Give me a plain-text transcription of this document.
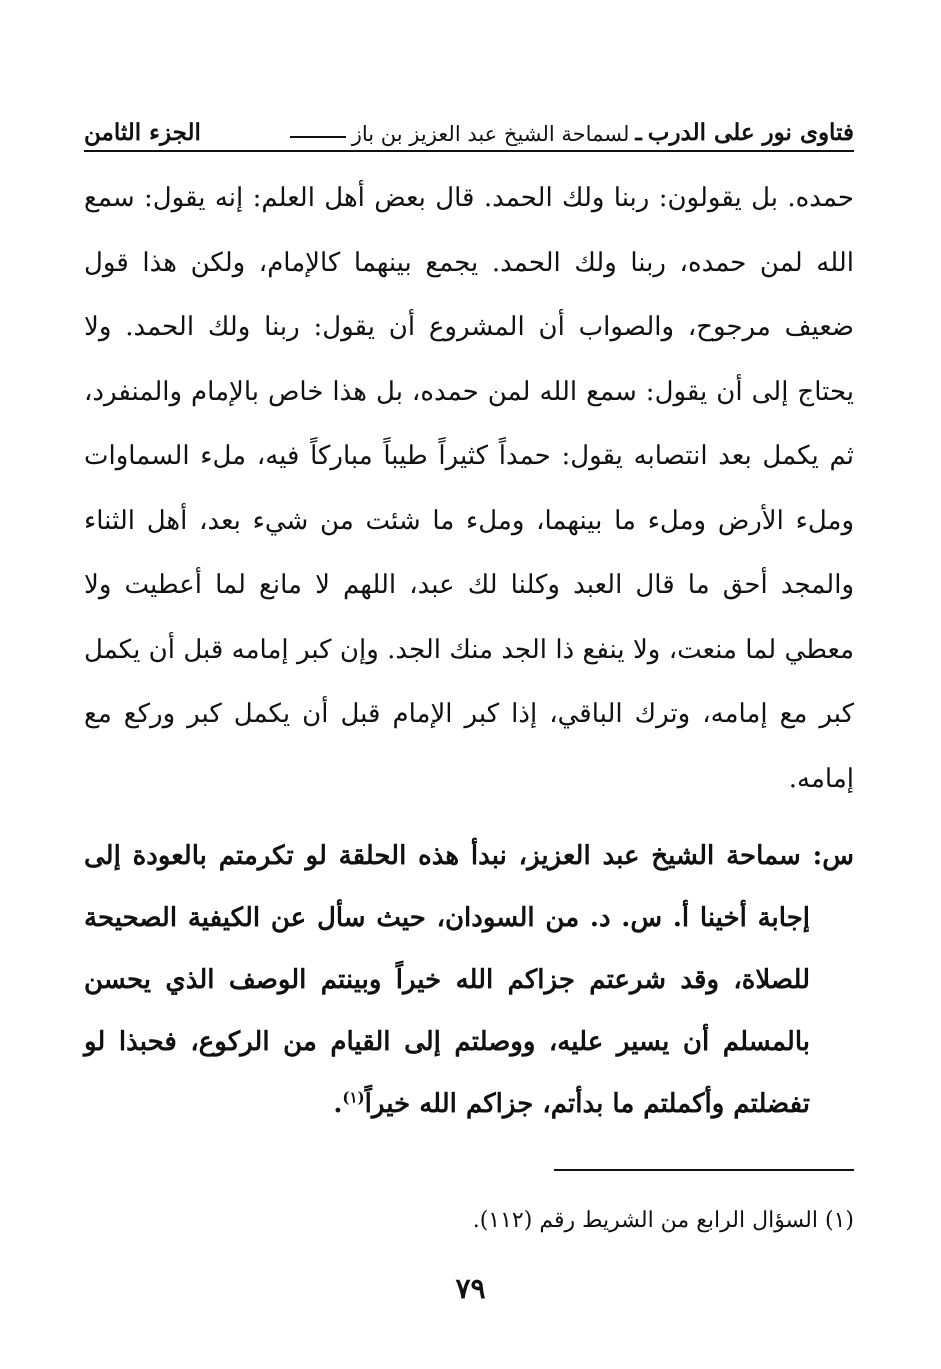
فتاوى نور على الدرب
ـ
لسماحة الشيخ عبد العزيز بن باز
الجزء الثامن

حمده. بل يقولون: ربنا ولك الحمد. قال بعض أهل العلم: إنه يقول: سمع الله لمن حمده، ربنا ولك الحمد. يجمع بينهما كالإمام، ولكن هذا قول ضعيف مرجوح، والصواب أن المشروع أن يقول: ربنا ولك الحمد. ولا يحتاج إلى أن يقول: سمع الله لمن حمده، بل هذا خاص بالإمام والمنفرد، ثم يكمل بعد انتصابه يقول: حمداً كثيراً طيباً مباركاً فيه، ملء السماوات وملء الأرض وملء ما بينهما، وملء ما شئت من شيء بعد، أهل الثناء والمجد أحق ما قال العبد وكلنا لك عبد، اللهم لا مانع لما أعطيت ولا معطي لما منعت، ولا ينفع ذا الجد منك الجد. وإن كبر إمامه قبل أن يكمل كبر مع إمامه، وترك الباقي، إذا كبر الإمام قبل أن يكمل كبر وركع مع إمامه.

س: سماحة الشيخ عبد العزيز، نبدأ هذه الحلقة لو تكرمتم بالعودة إلى إجابة أخينا أ. س. د. من السودان، حيث سأل عن الكيفية الصحيحة للصلاة، وقد شرعتم جزاكم الله خيراً وبينتم الوصف الذي يحسن بالمسلم أن يسير عليه، ووصلتم إلى القيام من الركوع، فحبذا لو تفضلتم وأكملتم ما بدأتم، جزاكم الله خيراً$^{(١)}$.

(١) السؤال الرابع من الشريط رقم (١١٢).
٧٩
